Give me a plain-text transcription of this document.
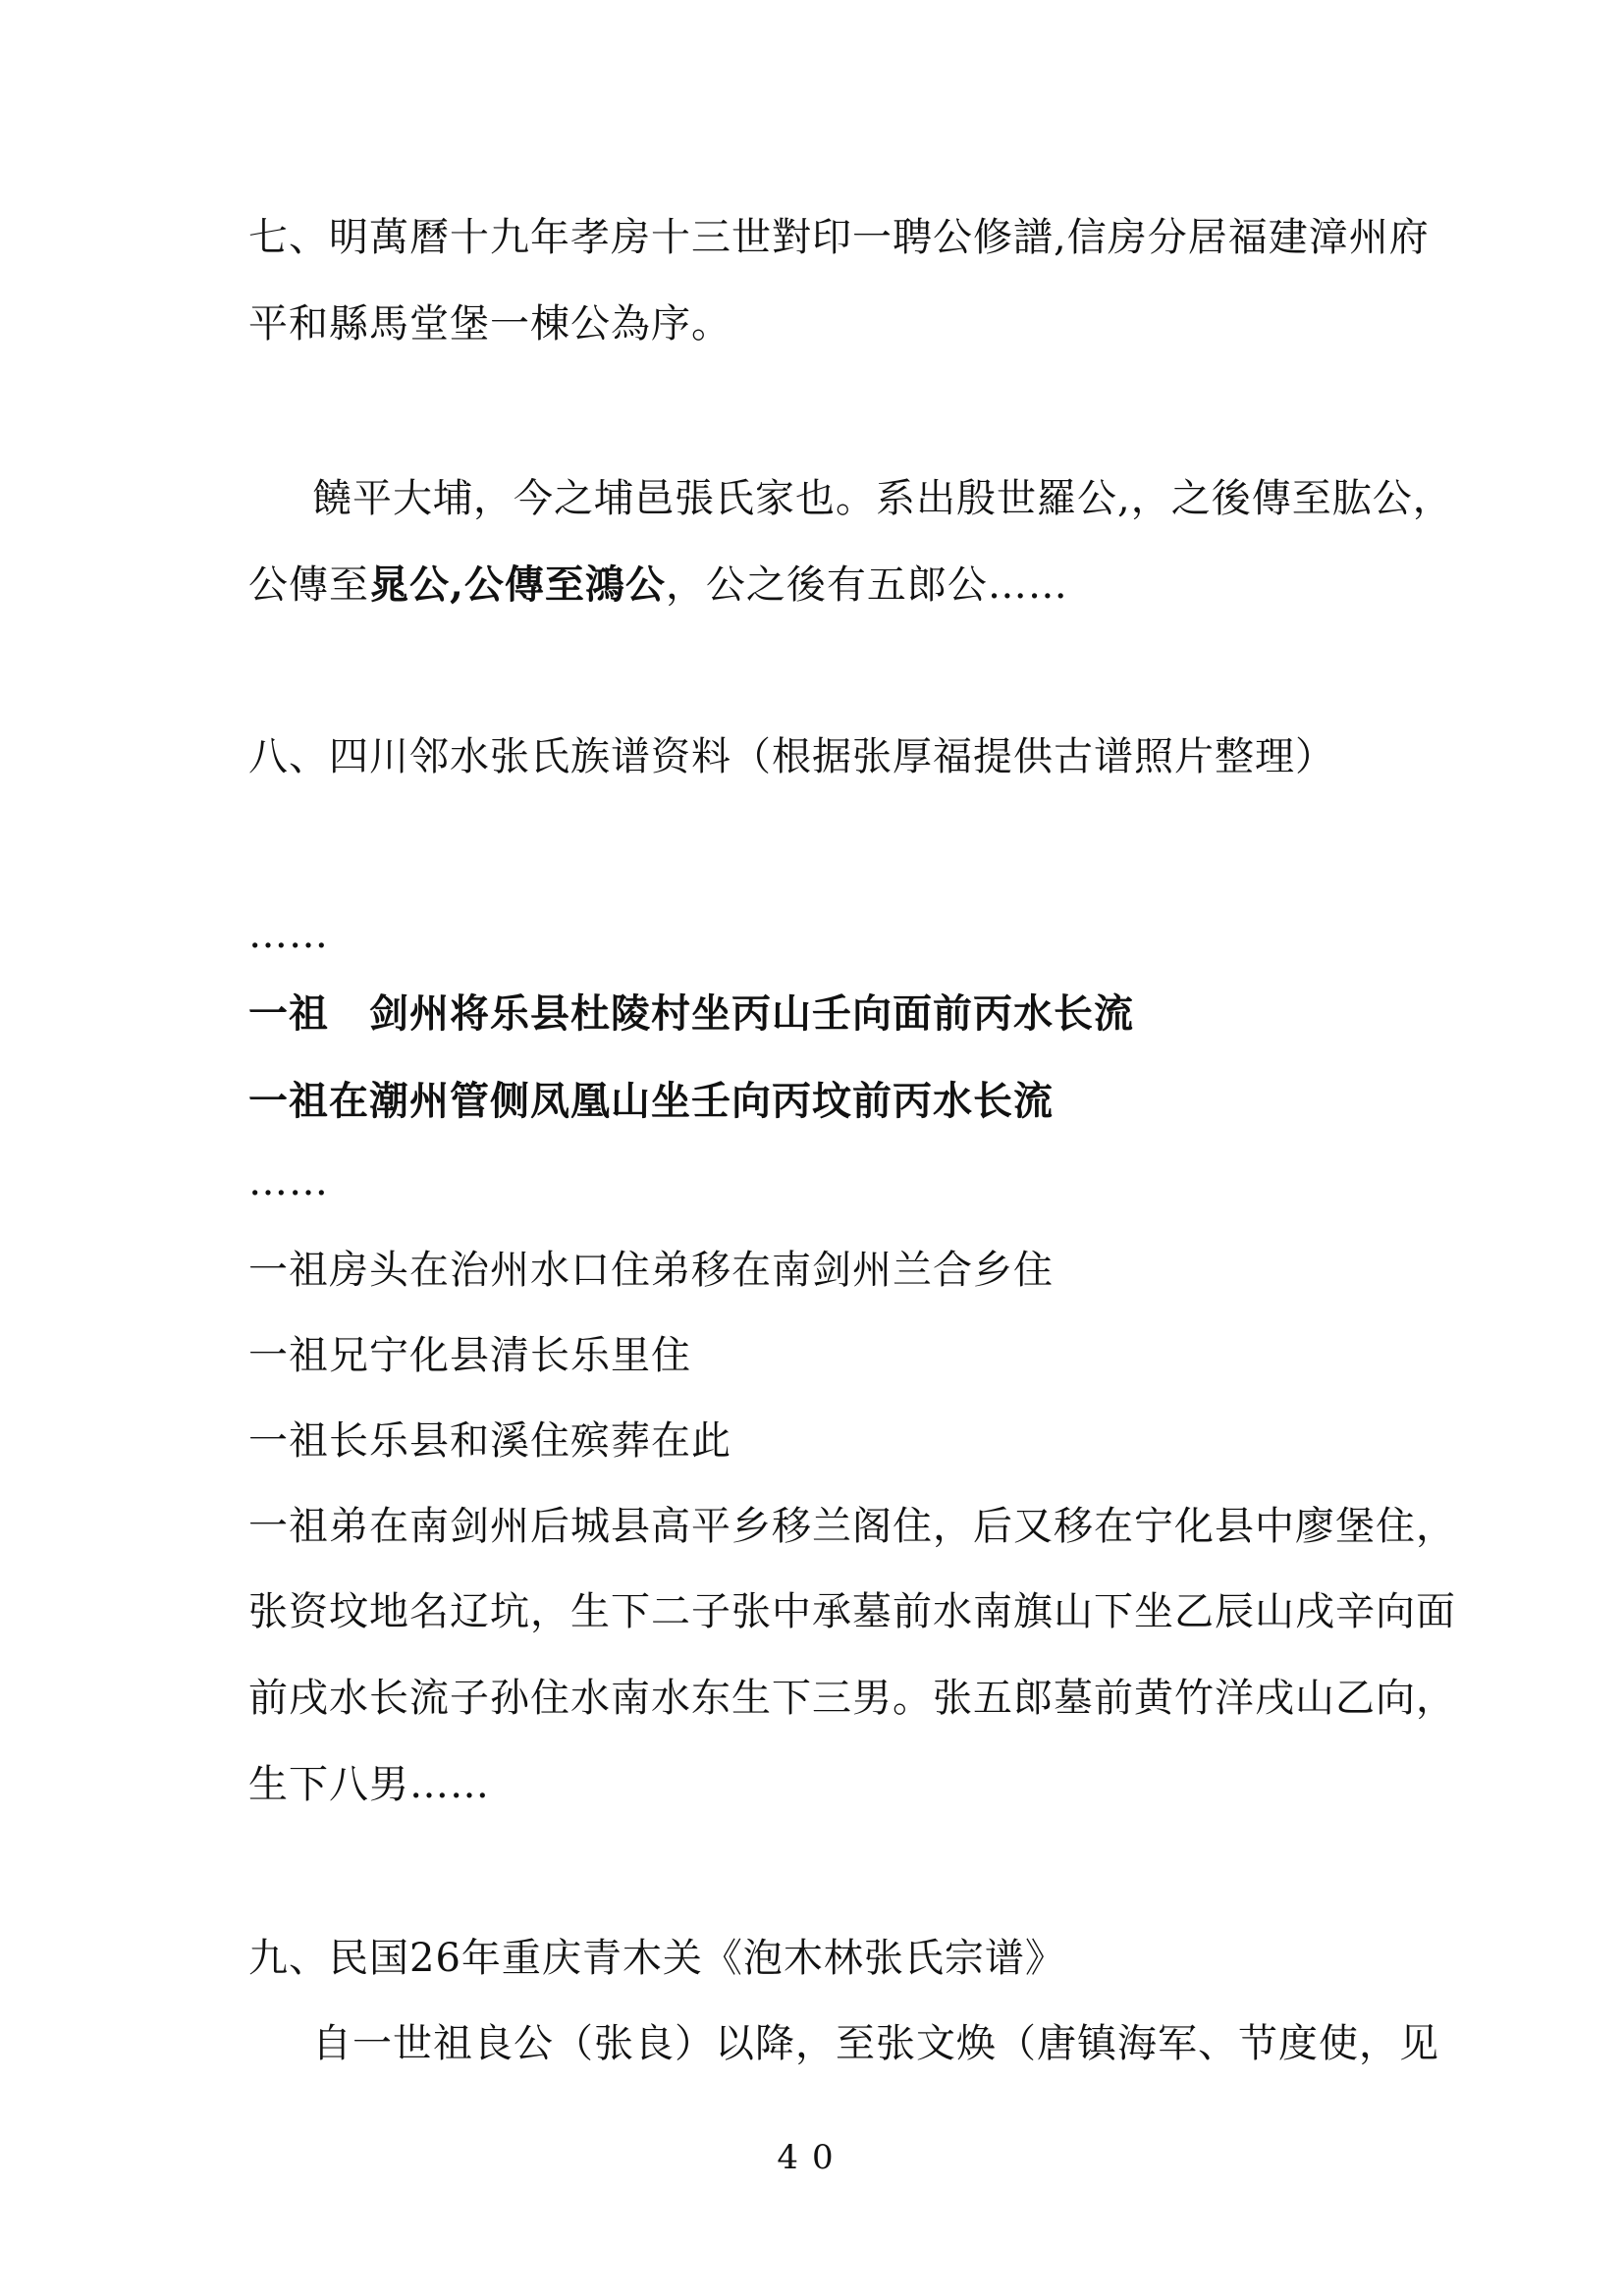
七、明萬曆十九年孝房十三世對印一聘公修譜,信房分居福建漳州府
平和縣馬堂堡一棟公為序。
饒平大埔，今之埔邑張氏家也。系出殷世羅公,，之後傳至肱公，
公傳至晁公,公傳至鴻公，公之後有五郎公……
八、四川邻水张氏族谱资料（根据张厚福提供古谱照片整理）
……
一祖　剑州将乐县杜陵村坐丙山壬向面前丙水长流
一祖在潮州管侧凤凰山坐壬向丙坟前丙水长流
……
一祖房头在治州水口住弟移在南剑州兰合乡住
一祖兄宁化县清长乐里住
一祖长乐县和溪住殡葬在此
一祖弟在南剑州后城县高平乡移兰阁住，后又移在宁化县中廖堡住，
张资坟地名辽坑，生下二子张中承墓前水南旗山下坐乙辰山戌辛向面
前戌水长流子孙住水南水东生下三男。张五郎墓前黄竹洋戌山乙向，
生下八男……
九、民国26年重庆青木关《泡木林张氏宗谱》
自一世祖良公（张良）以降，至张文焕（唐镇海军、节度使，见
40
